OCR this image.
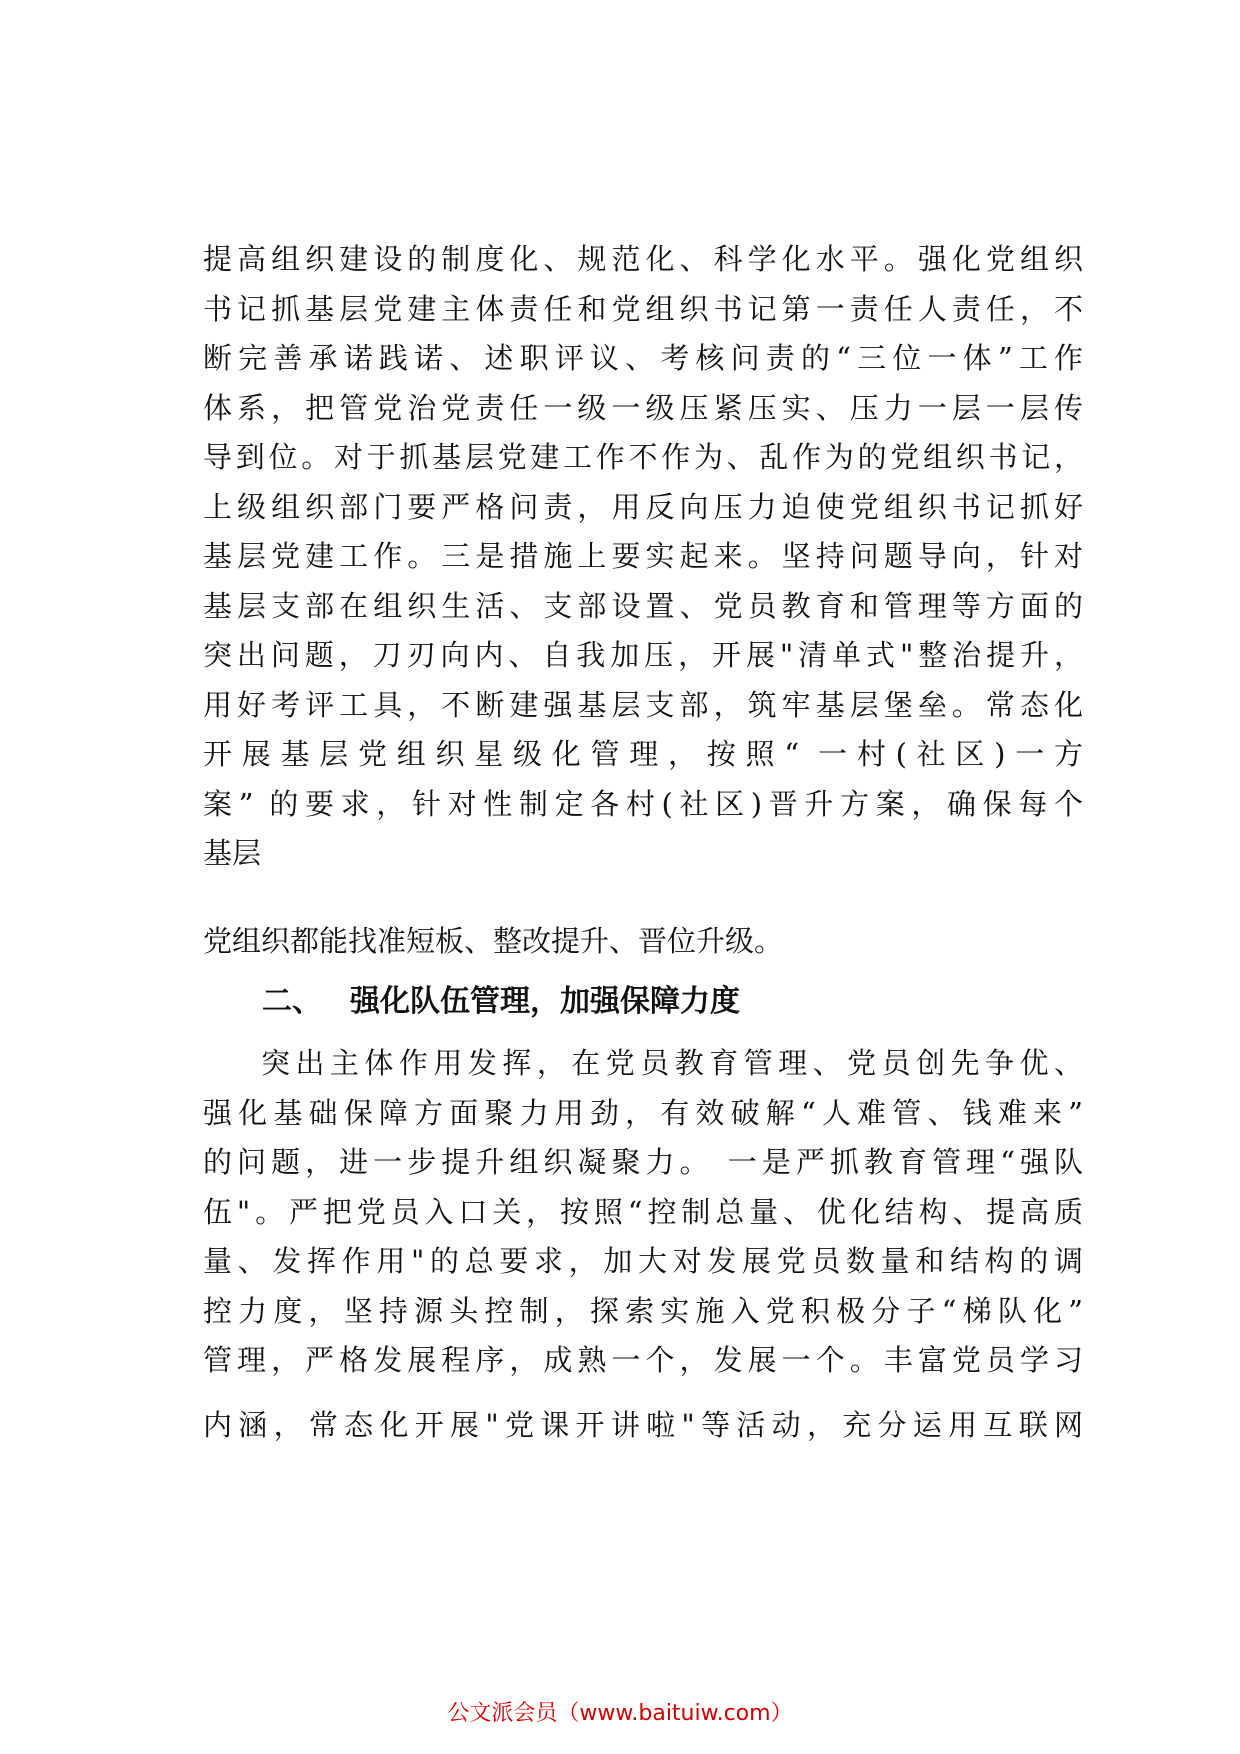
提高组织建设的制度化、规范化、科学化水平。强化党组织
书记抓基层党建主体责任和党组织书记第一责任人责任，不
断完善承诺践诺、述职评议、考核问责的“三位一体”工作
体系，把管党治党责任一级一级压紧压实、压力一层一层传
导到位。对于抓基层党建工作不作为、乱作为的党组织书记，
上级组织部门要严格问责，用反向压力迫使党组织书记抓好
基层党建工作。三是措施上要实起来。坚持问题导向，针对
基层支部在组织生活、支部设置、党员教育和管理等方面的
突出问题，刀刃向内、自我加压，开展"清单式"整治提升，
用好考评工具，不断建强基层支部，筑牢基层堡垒。常态化
开展基层党组织星级化管理，按照“ 一村(社区)一方
案” 的要求，针对性制定各村(社区)晋升方案，确保每个
基层
党组织都能找准短板、整改提升、晋位升级。
二、 强化队伍管理，加强保障力度
突出主体作用发挥，在党员教育管理、党员创先争优、
强化基础保障方面聚力用劲，有效破解“人难管、钱难来”
的问题，进一步提升组织凝聚力。 一是严抓教育管理“强队
伍"。严把党员入口关，按照“控制总量、优化结构、提高质
量、发挥作用"的总要求，加大对发展党员数量和结构的调
控力度，坚持源头控制，探索实施入党积极分子“梯队化”
管理，严格发展程序，成熟一个，发展一个。丰富党员学习
内涵，常态化开展"党课开讲啦"等活动，充分运用互联网
公文派会员（www.baituiw.com）
